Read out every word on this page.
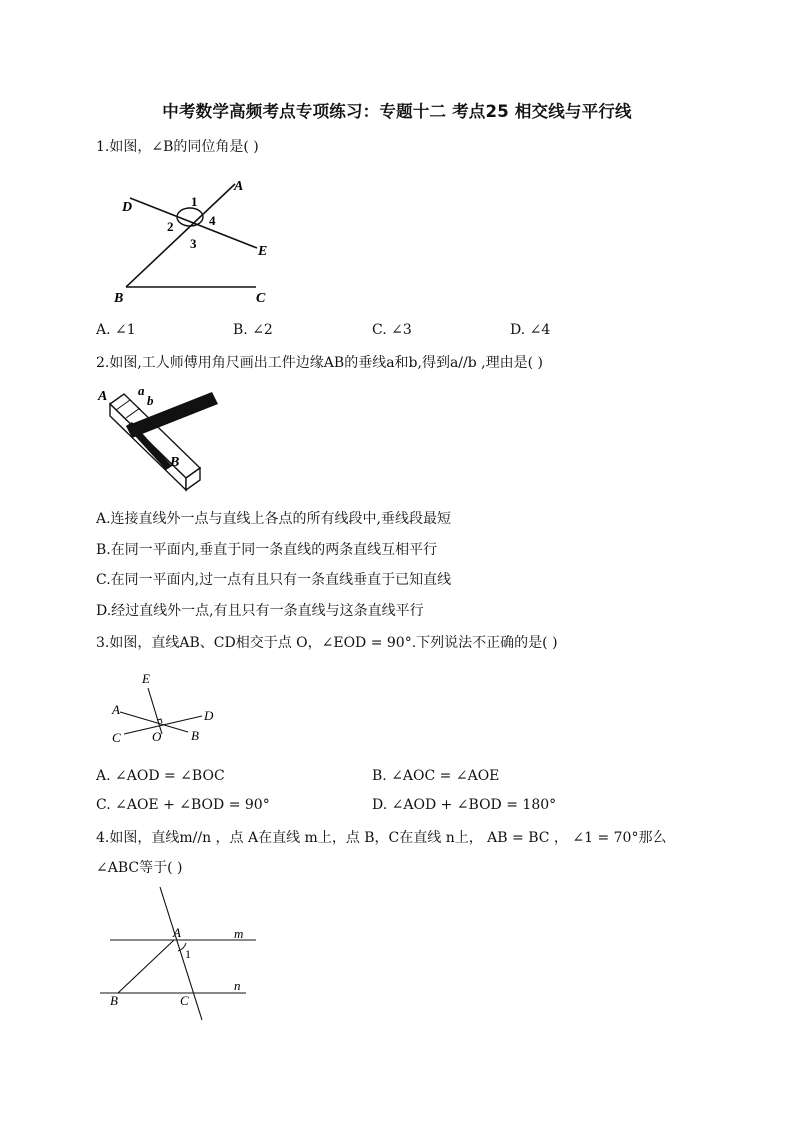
中考数学高频考点专项练习：专题十二 考点25 相交线与平行线
1.如图，∠B的同位角是( )
A
D
E
B	C
1
2
3
4
A. ∠1	B. ∠2	C. ∠3	D. ∠4
2.如图,工人师傅用角尺画出工件边缘AB的垂线a和b,得到a//b ,理由是( )
A a
b
B
A.连接直线外一点与直线上各点的所有线段中,垂线段最短
B.在同一平面内,垂直于同一条直线的两条直线互相平行
C.在同一平面内,过一点有且只有一条直线垂直于已知直线
D.经过直线外一点,有且只有一条直线与这条直线平行
3.如图，直线AB、CD相交于点 O，∠EOD = 90°.下列说法不正确的是( )
E
A	D
C O B
A. ∠AOD = ∠BOC	B. ∠AOC = ∠AOE
C. ∠AOE + ∠BOD = 90°	D. ∠AOD + ∠BOD = 180°
4.如图，直线m//n ，点 A在直线 m上，点 B，C在直线 n上， AB = BC ， ∠1 = 70°那么
∠ABC等于( )
A	m
1
n
B	C
